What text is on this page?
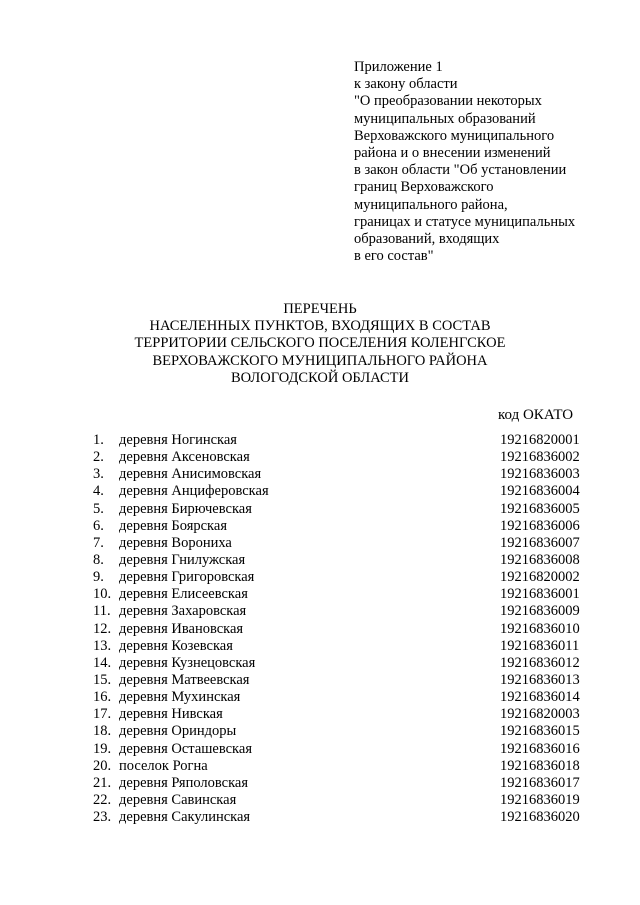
Приложение 1
к закону области
"О преобразовании некоторых
муниципальных образований
Верховажского муниципального
района и о внесении изменений
в закон области "Об установлении
границ Верховажского
муниципального района,
границах и статусе муниципальных
образований, входящих
в его состав"
ПЕРЕЧЕНЬ
НАСЕЛЕННЫХ ПУНКТОВ, ВХОДЯЩИХ В СОСТАВ
ТЕРРИТОРИИ СЕЛЬСКОГО ПОСЕЛЕНИЯ КОЛЕНГСКОЕ
ВЕРХОВАЖСКОГО МУНИЦИПАЛЬНОГО РАЙОНА
ВОЛОГОДСКОЙ ОБЛАСТИ
код ОКАТО
1. деревня Ногинская	19216820001
2. деревня Аксеновская	19216836002
3. деревня Анисимовская	19216836003
4. деревня Анциферовская	19216836004
5. деревня Бирючевская	19216836005
6. деревня Боярская	19216836006
7. деревня Ворониха	19216836007
8. деревня Гнилужская	19216836008
9. деревня Григоровская	19216820002
10. деревня Елисеевская	19216836001
11. деревня Захаровская	19216836009
12. деревня Ивановская	19216836010
13. деревня Козевская	19216836011
14. деревня Кузнецовская	19216836012
15. деревня Матвеевская	19216836013
16. деревня Мухинская	19216836014
17. деревня Нивская	19216820003
18. деревня Ориндоры	19216836015
19. деревня Осташевская	19216836016
20. поселок Рогна	19216836018
21. деревня Ряполовская	19216836017
22. деревня Савинская	19216836019
23. деревня Сакулинская	19216836020
